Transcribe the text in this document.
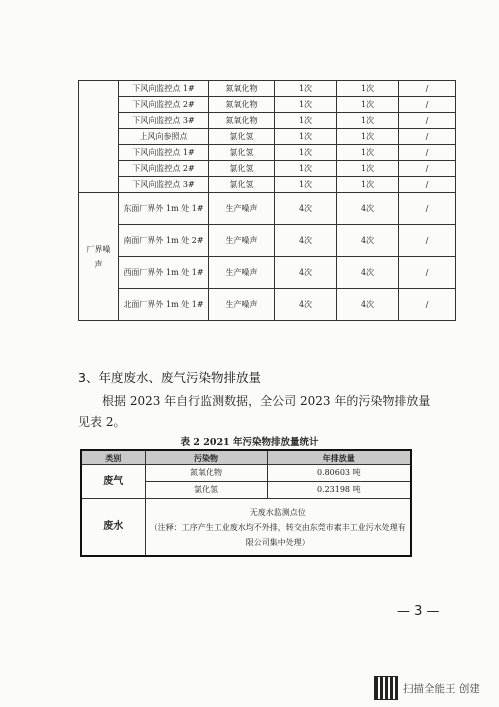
	下风向监控点 1#	氮氧化物	1次	1次	/
	下风向监控点 2#	氮氧化物	1次	1次	/
	下风向监控点 3#	氮氧化物	1次	1次	/
	上风向参照点	氯化氢	1次	1次	/
	下风向监控点 1#	氯化氢	1次	1次	/
	下风向监控点 2#	氯化氢	1次	1次	/
	下风向监控点 3#	氯化氢	1次	1次	/
厂界噪声	东面厂界外 1m 处 1#	生产噪声	4次	4次	/
	南面厂界外 1m 处 2#	生产噪声	4次	4次	/
	西面厂界外 1m 处 1#	生产噪声	4次	4次	/
	北面厂界外 1m 处 1#	生产噪声	4次	4次	/
3、年度废水、废气污染物排放量
根据 2023 年自行监测数据，全公司 2023 年的污染物排放量见表 2。
表 2 2021 年污染物排放量统计
类别	污染物	年排放量
废气	氮氧化物	0.80603 吨
	氯化氢	0.23198 吨
废水	无废水监测点位
（注释：工序产生工业废水均不外排，转交由东莞市素丰工业污水处理有限公司集中处理）	
— 3 —
扫描全能王 创建
